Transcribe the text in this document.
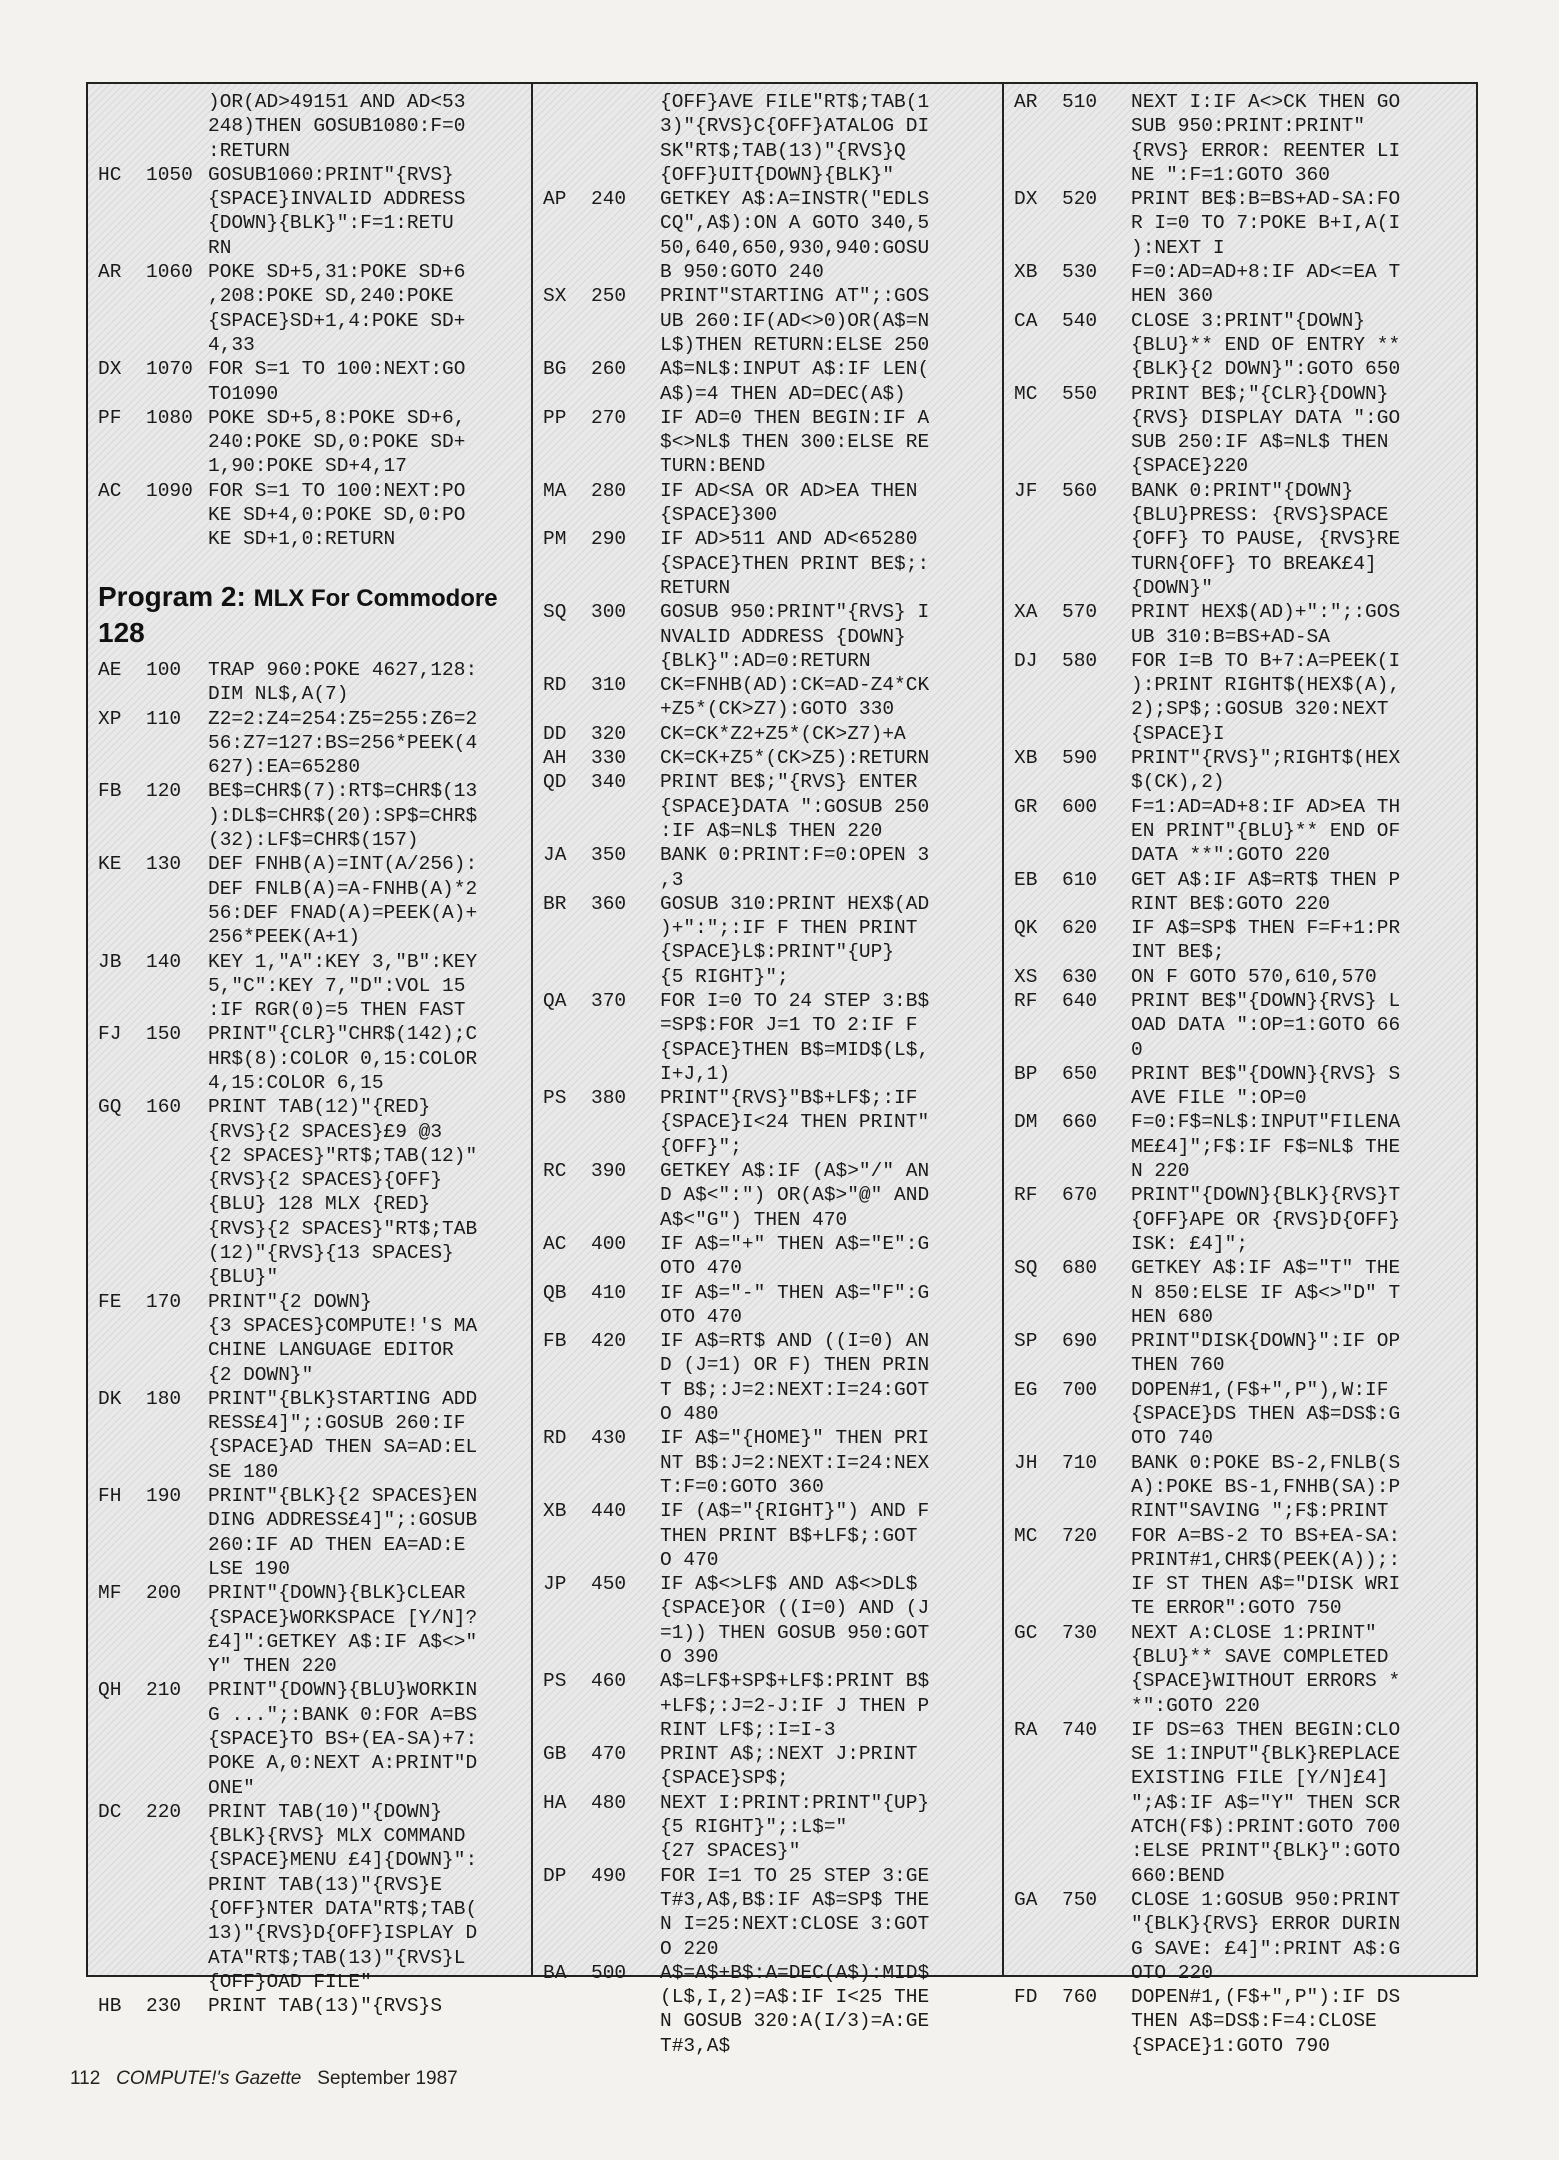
)OR(AD>49151 AND AD<53
248)THEN GOSUB1080:F=0
:RETURN
HC 1050 GOSUB1060:PRINT"{RVS}
{SPACE}INVALID ADDRESS
{DOWN}{BLK}":F=1:RETU
RN
AR 1060 POKE SD+5,31:POKE SD+6
,208:POKE SD,240:POKE
{SPACE}SD+1,4:POKE SD+
4,33
DX 1070 FOR S=1 TO 100:NEXT:GO
TO1090
PF 1080 POKE SD+5,8:POKE SD+6,
240:POKE SD,0:POKE SD+
1,90:POKE SD+4,17
AC 1090 FOR S=1 TO 100:NEXT:PO
KE SD+4,0:POKE SD,0:PO
KE SD+1,0:RETURN
Program 2: MLX For Commodore
128
AE 100 TRAP 960:POKE 4627,128:
DIM NL$,A(7)
XP 110 Z2=2:Z4=254:Z5=255:Z6=2
56:Z7=127:BS=256*PEEK(4
627):EA=65280
FB 120 BE$=CHR$(7):RT$=CHR$(13
):DL$=CHR$(20):SP$=CHR$
(32):LF$=CHR$(157)
KE 130 DEF FNHB(A)=INT(A/256):
DEF FNLB(A)=A-FNHB(A)*2
56:DEF FNAD(A)=PEEK(A)+
256*PEEK(A+1)
JB 140 KEY 1,"A":KEY 3,"B":KEY
5,"C":KEY 7,"D":VOL 15
:IF RGR(0)=5 THEN FAST
FJ 150 PRINT"{CLR}"CHR$(142);C
HR$(8):COLOR 0,15:COLOR
4,15:COLOR 6,15
GQ 160 PRINT TAB(12)"{RED}
{RVS}{2 SPACES}£9 @3
{2 SPACES}"RT$;TAB(12)"
{RVS}{2 SPACES}{OFF}
{BLU} 128 MLX {RED}
{RVS}{2 SPACES}"RT$;TAB
(12)"{RVS}{13 SPACES}
{BLU}"
FE 170 PRINT"{2 DOWN}
{3 SPACES}COMPUTE!'S MA
CHINE LANGUAGE EDITOR
{2 DOWN}"
DK 180 PRINT"{BLK}STARTING ADD
RESS£4]";:GOSUB 260:IF
{SPACE}AD THEN SA=AD:EL
SE 180
FH 190 PRINT"{BLK}{2 SPACES}EN
DING ADDRESS£4]";:GOSUB
260:IF AD THEN EA=AD:E
LSE 190
MF 200 PRINT"{DOWN}{BLK}CLEAR
{SPACE}WORKSPACE [Y/N]?
£4]":GETKEY A$:IF A$<>"
Y" THEN 220
QH 210 PRINT"{DOWN}{BLU}WORKIN
G ...";:BANK 0:FOR A=BS
{SPACE}TO BS+(EA-SA)+7:
POKE A,0:NEXT A:PRINT"D
ONE"
DC 220 PRINT TAB(10)"{DOWN}
{BLK}{RVS} MLX COMMAND
{SPACE}MENU £4]{DOWN}":
PRINT TAB(13)"{RVS}E
{OFF}NTER DATA"RT$;TAB(
13)"{RVS}D{OFF}ISPLAY D
ATA"RT$;TAB(13)"{RVS}L
{OFF}OAD FILE"
HB 230 PRINT TAB(13)"{RVS}S
{OFF}AVE FILE"RT$;TAB(1
3)"{RVS}C{OFF}ATALOG DI
SK"RT$;TAB(13)"{RVS}Q
{OFF}UIT{DOWN}{BLK}"
AP 240 GETKEY A$:A=INSTR("EDLS
CQ",A$):ON A GOTO 340,5
50,640,650,930,940:GOSU
B 950:GOTO 240
SX 250 PRINT"STARTING AT";:GOS
UB 260:IF(AD<>0)OR(A$=N
L$)THEN RETURN:ELSE 250
BG 260 A$=NL$:INPUT A$:IF LEN(
A$)=4 THEN AD=DEC(A$)
PP 270 IF AD=0 THEN BEGIN:IF A
$<>NL$ THEN 300:ELSE RE
TURN:BEND
MA 280 IF AD<SA OR AD>EA THEN
{SPACE}300
PM 290 IF AD>511 AND AD<65280
{SPACE}THEN PRINT BE$;:
RETURN
SQ 300 GOSUB 950:PRINT"{RVS} I
NVALID ADDRESS {DOWN}
{BLK}":AD=0:RETURN
RD 310 CK=FNHB(AD):CK=AD-Z4*CK
+Z5*(CK>Z7):GOTO 330
DD 320 CK=CK*Z2+Z5*(CK>Z7)+A
AH 330 CK=CK+Z5*(CK>Z5):RETURN
QD 340 PRINT BE$;"{RVS} ENTER
{SPACE}DATA ":GOSUB 250
:IF A$=NL$ THEN 220
JA 350 BANK 0:PRINT:F=0:OPEN 3
,3
BR 360 GOSUB 310:PRINT HEX$(AD
)+":";:IF F THEN PRINT
{SPACE}L$:PRINT"{UP}
{5 RIGHT}";
QA 370 FOR I=0 TO 24 STEP 3:B$
=SP$:FOR J=1 TO 2:IF F
{SPACE}THEN B$=MID$(L$,
I+J,1)
PS 380 PRINT"{RVS}"B$+LF$;:IF
{SPACE}I<24 THEN PRINT"
{OFF}";
RC 390 GETKEY A$:IF (A$>"/" AN
D A$<":") OR(A$>"@" AND
A$<"G") THEN 470
AC 400 IF A$="+" THEN A$="E":G
OTO 470
QB 410 IF A$="-" THEN A$="F":G
OTO 470
FB 420 IF A$=RT$ AND ((I=0) AN
D (J=1) OR F) THEN PRIN
T B$;:J=2:NEXT:I=24:GOT
O 480
RD 430 IF A$="{HOME}" THEN PRI
NT B$:J=2:NEXT:I=24:NEX
T:F=0:GOTO 360
XB 440 IF (A$="{RIGHT}") AND F
THEN PRINT B$+LF$;:GOT
O 470
JP 450 IF A$<>LF$ AND A$<>DL$
{SPACE}OR ((I=0) AND (J
=1)) THEN GOSUB 950:GOT
O 390
PS 460 A$=LF$+SP$+LF$:PRINT B$
+LF$;:J=2-J:IF J THEN P
RINT LF$;:I=I-3
GB 470 PRINT A$;:NEXT J:PRINT
{SPACE}SP$;
HA 480 NEXT I:PRINT:PRINT"{UP}
{5 RIGHT}";:L$="
{27 SPACES}"
DP 490 FOR I=1 TO 25 STEP 3:GE
T#3,A$,B$:IF A$=SP$ THE
N I=25:NEXT:CLOSE 3:GOT
O 220
BA 500 A$=A$+B$:A=DEC(A$):MID$
(L$,I,2)=A$:IF I<25 THE
N GOSUB 320:A(I/3)=A:GE
T#3,A$
AR 510 NEXT I:IF A<>CK THEN GO
SUB 950:PRINT:PRINT"
{RVS} ERROR: REENTER LI
NE ":F=1:GOTO 360
DX 520 PRINT BE$:B=BS+AD-SA:FO
R I=0 TO 7:POKE B+I,A(I
):NEXT I
XB 530 F=0:AD=AD+8:IF AD<=EA T
HEN 360
CA 540 CLOSE 3:PRINT"{DOWN}
{BLU}** END OF ENTRY **
{BLK}{2 DOWN}":GOTO 650
MC 550 PRINT BE$;"{CLR}{DOWN}
{RVS} DISPLAY DATA ":GO
SUB 250:IF A$=NL$ THEN
{SPACE}220
JF 560 BANK 0:PRINT"{DOWN}
{BLU}PRESS: {RVS}SPACE
{OFF} TO PAUSE, {RVS}RE
TURN{OFF} TO BREAK£4]
{DOWN}"
XA 570 PRINT HEX$(AD)+":";:GOS
UB 310:B=BS+AD-SA
DJ 580 FOR I=B TO B+7:A=PEEK(I
):PRINT RIGHT$(HEX$(A),
2);SP$;:GOSUB 320:NEXT
{SPACE}I
XB 590 PRINT"{RVS}";RIGHT$(HEX
$(CK),2)
GR 600 F=1:AD=AD+8:IF AD>EA TH
EN PRINT"{BLU}** END OF
DATA **":GOTO 220
EB 610 GET A$:IF A$=RT$ THEN P
RINT BE$:GOTO 220
QK 620 IF A$=SP$ THEN F=F+1:PR
INT BE$;
XS 630 ON F GOTO 570,610,570
RF 640 PRINT BE$"{DOWN}{RVS} L
OAD DATA ":OP=1:GOTO 66
0
BP 650 PRINT BE$"{DOWN}{RVS} S
AVE FILE ":OP=0
DM 660 F=0:F$=NL$:INPUT"FILENA
ME£4]";F$:IF F$=NL$ THE
N 220
RF 670 PRINT"{DOWN}{BLK}{RVS}T
{OFF}APE OR {RVS}D{OFF}
ISK: £4]";
SQ 680 GETKEY A$:IF A$="T" THE
N 850:ELSE IF A$<>"D" T
HEN 680
SP 690 PRINT"DISK{DOWN}":IF OP
THEN 760
EG 700 DOPEN#1,(F$+",P"),W:IF
{SPACE}DS THEN A$=DS$:G
OTO 740
JH 710 BANK 0:POKE BS-2,FNLB(S
A):POKE BS-1,FNHB(SA):P
RINT"SAVING ";F$:PRINT
MC 720 FOR A=BS-2 TO BS+EA-SA:
PRINT#1,CHR$(PEEK(A));:
IF ST THEN A$="DISK WRI
TE ERROR":GOTO 750
GC 730 NEXT A:CLOSE 1:PRINT"
{BLU}** SAVE COMPLETED
{SPACE}WITHOUT ERRORS *
*":GOTO 220
RA 740 IF DS=63 THEN BEGIN:CLO
SE 1:INPUT"{BLK}REPLACE
EXISTING FILE [Y/N]£4]
";A$:IF A$="Y" THEN SCR
ATCH(F$):PRINT:GOTO 700
:ELSE PRINT"{BLK}":GOTO
660:BEND
GA 750 CLOSE 1:GOSUB 950:PRINT
"{BLK}{RVS} ERROR DURIN
G SAVE: £4]":PRINT A$:G
OTO 220
FD 760 DOPEN#1,(F$+",P"):IF DS
THEN A$=DS$:F=4:CLOSE
{SPACE}1:GOTO 790
112 COMPUTE!'s Gazette September 1987
